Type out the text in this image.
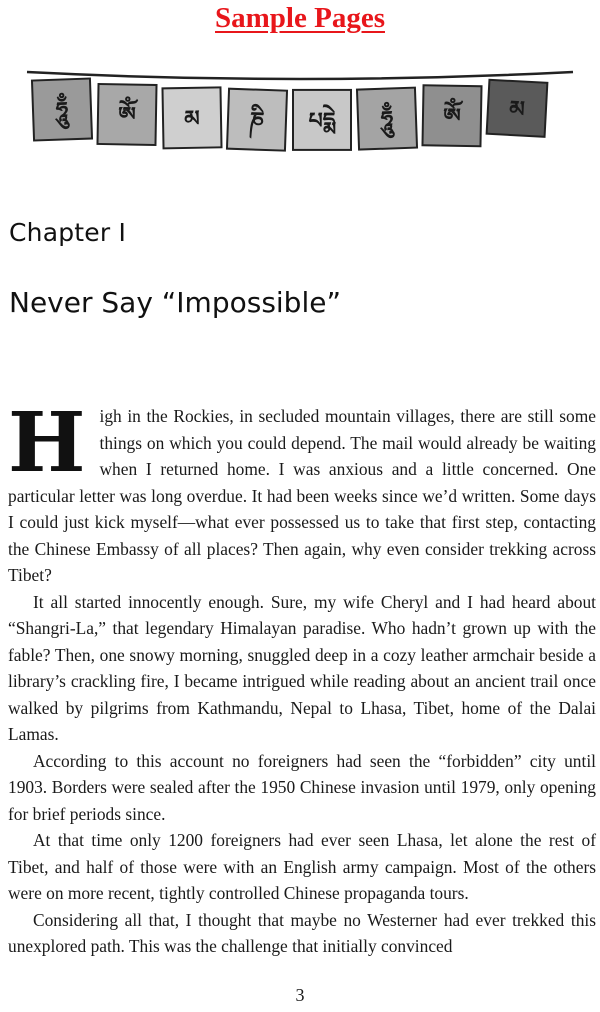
Sample Pages
ཧཱུྃ ཨོཾ མ ཎི པདྨེ ཧཱུྃ ཨོཾ མ
Chapter I
Never Say “Impossible”

High in the Rockies, in secluded mountain villages, there are still some things on which you could depend. The mail would already be waiting when I returned home. I was anxious and a little concerned. One particular letter was long overdue. It had been weeks since we’d written. Some days I could just kick myself—what ever possessed us to take that first step, contacting the Chinese Embassy of all places? Then again, why even consider trekking across Tibet?

It all started innocently enough. Sure, my wife Cheryl and I had heard about “Shangri-La,” that legendary Himalayan paradise. Who hadn’t grown up with the fable? Then, one snowy morning, snuggled deep in a cozy leather armchair beside a library’s crackling fire, I became intrigued while reading about an ancient trail once walked by pilgrims from Kathmandu, Nepal to Lhasa, Tibet, home of the Dalai Lamas.

According to this account no foreigners had seen the “forbidden” city until 1903. Borders were sealed after the 1950 Chinese invasion until 1979, only opening for brief periods since.

At that time only 1200 foreigners had ever seen Lhasa, let alone the rest of Tibet, and half of those were with an English army campaign. Most of the others were on more recent, tightly controlled Chinese propaganda tours.

Considering all that, I thought that maybe no Westerner had ever trekked this unexplored path. This was the challenge that initially convinced

3
